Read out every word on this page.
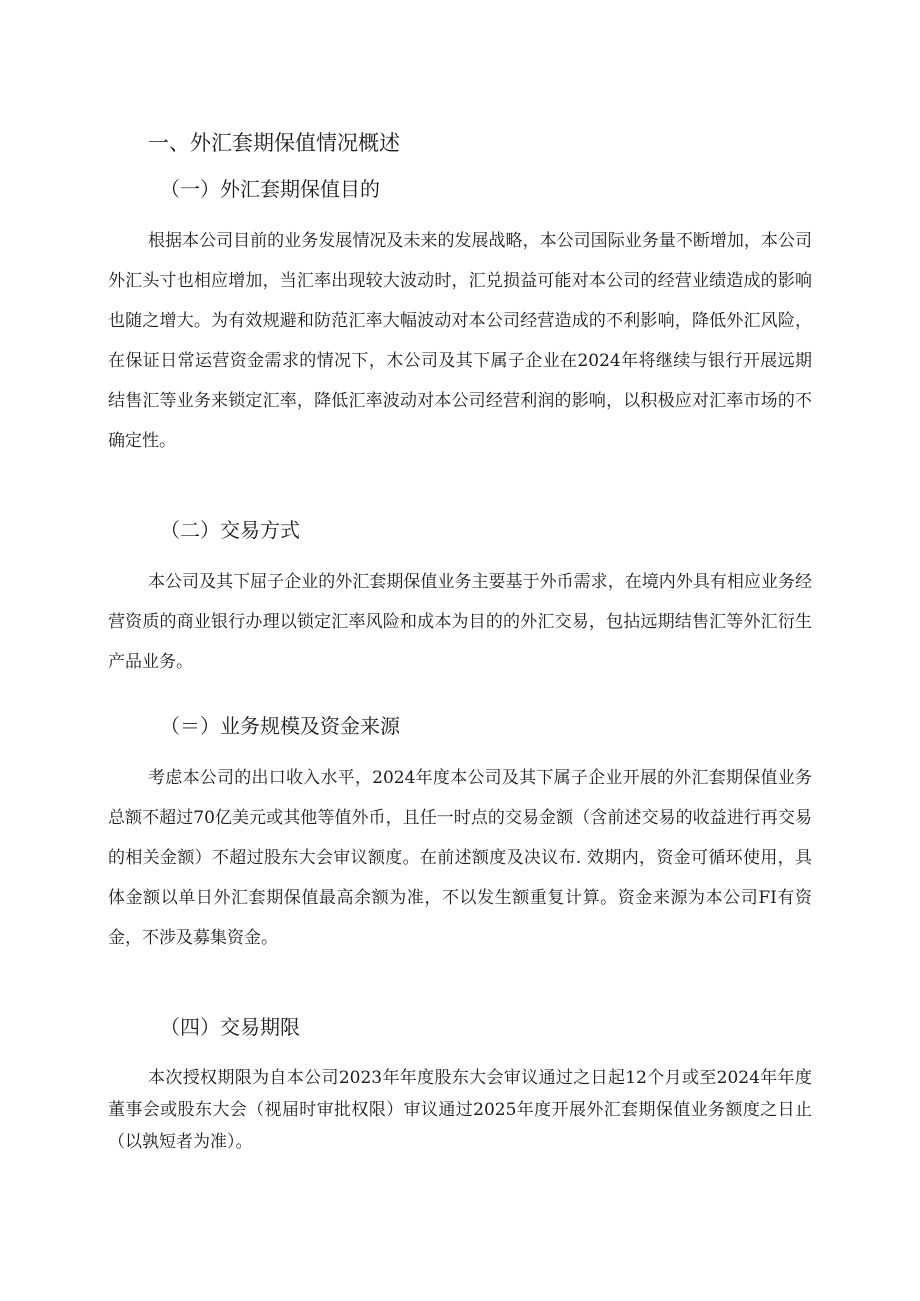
一、外汇套期保值情况概述
（一）外汇套期保值目的

根据本公司目前的业务发展情况及未来的发展战略，本公司国际业务量不断增加，本公司外汇头寸也相应增加，当汇率出现较大波动时，汇兑损益可能对本公司的经营业绩造成的影响也随之增大。为有效规避和防范汇率大幅波动对本公司经营造成的不利影响，降低外汇风险，在保证日常运营资金需求的情况下，木公司及其下属子企业在2024年将继续与银行开展远期结售汇等业务来锁定汇率，降低汇率波动对本公司经营利润的影响，以积极应对汇率市场的不确定性。

（二）交易方式

本公司及其下屈子企业的外汇套期保值业务主要基于外币需求，在境内外具有相应业务经营资质的商业银行办理以锁定汇率风险和成本为目的的外汇交易，包拈远期结售汇等外汇衍生产品业务。

（＝）业务规模及资金来源

考虑本公司的出口收入水平，2024年度本公司及其下属子企业开展的外汇套期保值业务总额不超过70亿美元或其他等值外币，且任一时点的交易金额（含前述交易的收益进行再交易的相关金额）不超过股东大会审议额度。在前述额度及决议布. 效期内，资金可循环使用，具体金额以单日外汇套期保值最高余额为准，不以发生额重复计算。资金来源为本公司FI有资金，不涉及募集资金。

（四）交易期限

本次授权期限为自本公司2023年年度股东大会审议通过之日起12个月或至2024年年度董事会或股东大会（视届时审批权限）审议通过2025年度开展外汇套期保值业务额度之日止（以孰短者为准）。
